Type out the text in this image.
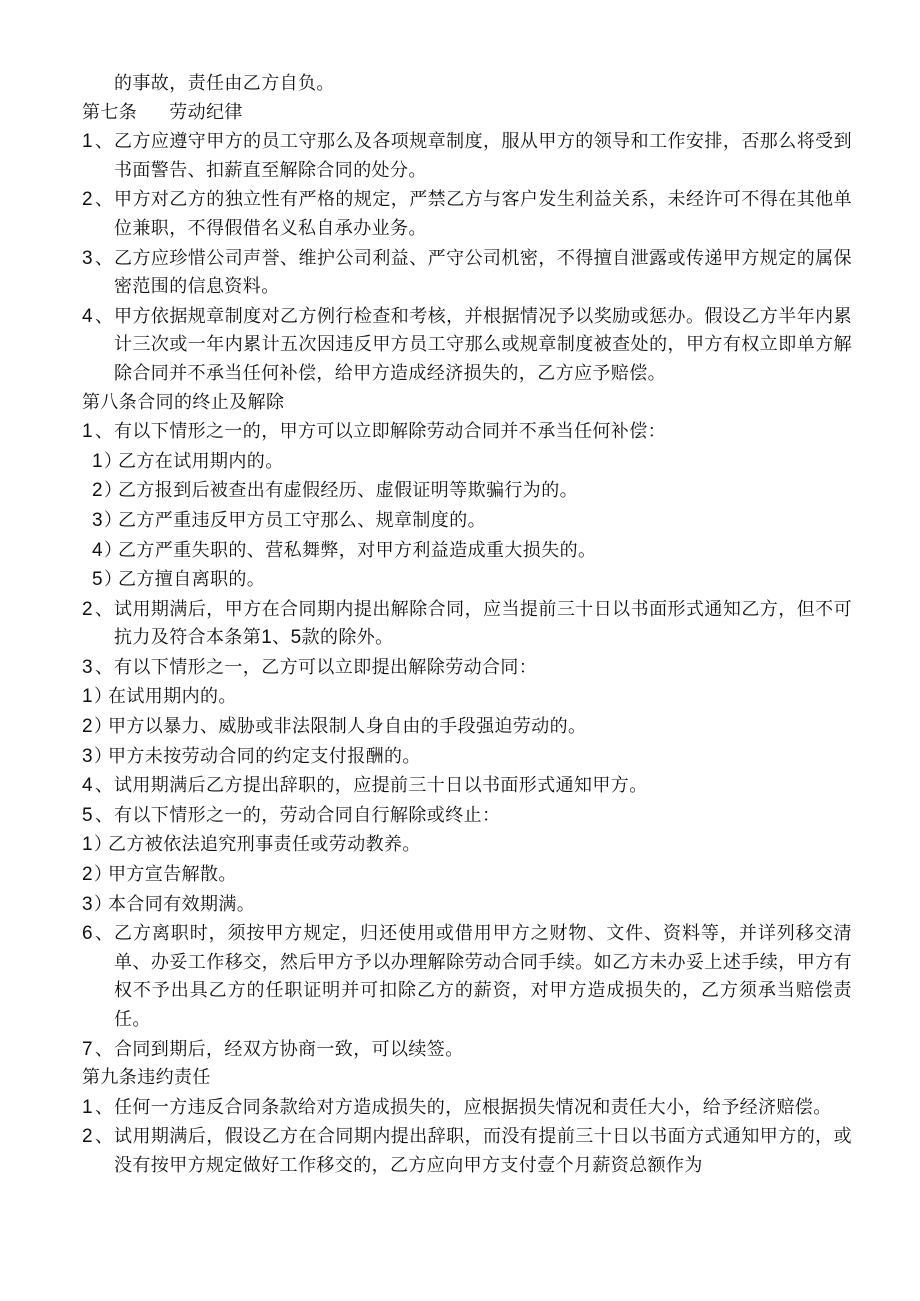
的事故，责任由乙方自负。
第七条 劳动纪律
1 、 乙方应遵守甲方的员工守那么及各项规章制度，服从甲方的领导和工作安排，否那么将受到书面警告、扣薪直至解除合同的处分。
2 、 甲方对乙方的独立性有严格的规定，严禁乙方与客户发生利益关系，未经许可不得在其他单位兼职，不得假借名义私自承办业务。
3 、 乙方应珍惜公司声誉、维护公司利益、严守公司机密，不得擅自泄露或传递甲方规定的属保密范围的信息资料。
4 、 甲方依据规章制度对乙方例行检查和考核，并根据情况予以奖励或惩办。假设乙方半年内累计三次或一年内累计五次因违反甲方员工守那么或规章制度被查处的，甲方有权立即单方解除合同并不承当任何补偿，给甲方造成经济损失的，乙方应予赔偿。
第八条合同的终止及解除
1 、 有以下情形之一的，甲方可以立即解除劳动合同并不承当任何补偿：
1 ）
乙方在试用期内的。
2 ）
乙方报到后被查出有虚假经历、虚假证明等欺骗行为的。
3 ）
乙方严重违反甲方员工守那么、规章制度的。
4 ）
乙方严重失职的、营私舞弊，对甲方利益造成重大损失的。
5 ）
乙方擅自离职的。
2 、 试用期满后，甲方在合同期内提出解除合同，应当提前三十日以书面形式通知乙方，但不可抗力及符合本条第1、5款的除外。
3 、 有以下情形之一，乙方可以立即提出解除劳动合同：
1 ）
在试用期内的。
2 ）
甲方以暴力、威胁或非法限制人身自由的手段强迫劳动的。
3 ）
甲方未按劳动合同的约定支付报酬的。
4 、 试用期满后乙方提出辞职的，应提前三十日以书面形式通知甲方。
5 、 有以下情形之一的，劳动合同自行解除或终止：
1 ）
乙方被依法追究刑事责任或劳动教养。
2 ）
甲方宣告解散。
3 ）
本合同有效期满。
6 、 乙方离职时，须按甲方规定，归还使用或借用甲方之财物、文件、资料等，并详列移交清单、办妥工作移交，然后甲方予以办理解除劳动合同手续。如乙方未办妥上述手续，甲方有权不予出具乙方的任职证明并可扣除乙方的薪资，对甲方造成损失的，乙方须承当赔偿责任。
7 、 合同到期后，经双方协商一致，可以续签。
第九条违约责任
1 、 任何一方违反合同条款给对方造成损失的，应根据损失情况和责任大小，给予经济赔偿。
2 、 试用期满后，假设乙方在合同期内提出辞职，而没有提前三十日以书面方式通知甲方的，或没有按甲方规定做好工作移交的，乙方应向甲方支付壹个月薪资总额作为
